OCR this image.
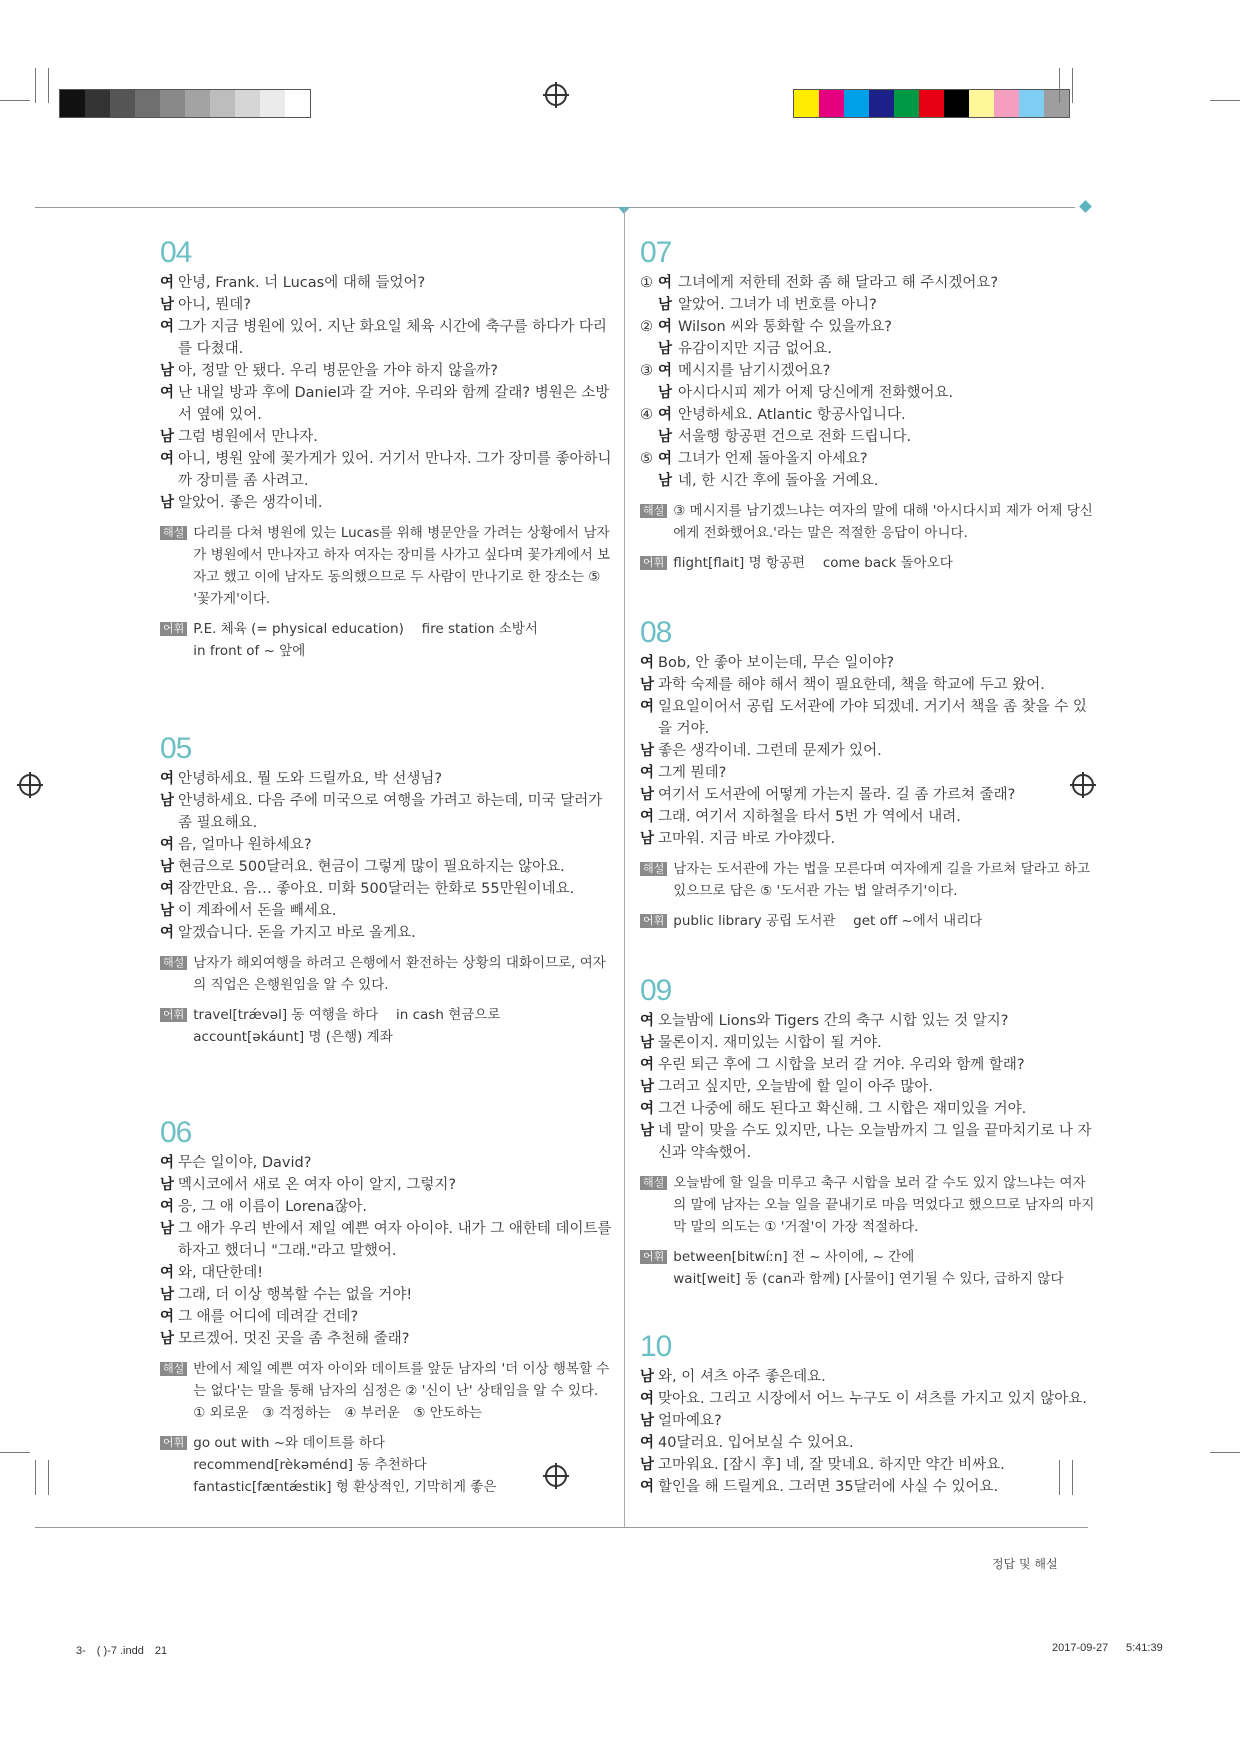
04
여 안녕, Frank. 너 Lucas에 대해 들었어?
남 아니, 뭔데?
여 그가 지금 병원에 있어. 지난 화요일 체육 시간에 축구를 하다가 다리를 다쳤대.
남 아, 정말 안 됐다. 우리 병문안을 가야 하지 않을까?
여 난 내일 방과 후에 Daniel과 갈 거야. 우리와 함께 갈래? 병원은 소방서 옆에 있어.
남 그럼 병원에서 만나자.
여 아니, 병원 앞에 꽃가게가 있어. 거기서 만나자. 그가 장미를 좋아하니까 장미를 좀 사려고.
남 알았어. 좋은 생각이네.
해설 다리를 다쳐 병원에 있는 Lucas를 위해 병문안을 가려는 상황에서 남자가 병원에서 만나자고 하자 여자는 장미를 사가고 싶다며 꽃가게에서 보자고 했고 이에 남자도 동의했으므로 두 사람이 만나기로 한 장소는 ⑤ '꽃가게'이다.
어휘 P.E. 체육 (= physical education)　 fire station 소방서
in front of ~ 앞에
05
여 안녕하세요. 뭘 도와 드릴까요, 박 선생님?
남 안녕하세요. 다음 주에 미국으로 여행을 가려고 하는데, 미국 달러가 좀 필요해요.
여 음, 얼마나 원하세요?
남 현금으로 500달러요. 현금이 그렇게 많이 필요하지는 않아요.
여 잠깐만요. 음… 좋아요. 미화 500달러는 한화로 55만원이네요.
남 이 계좌에서 돈을 빼세요.
여 알겠습니다. 돈을 가지고 바로 올게요.
해설 남자가 해외여행을 하려고 은행에서 환전하는 상황의 대화이므로, 여자의 직업은 은행원임을 알 수 있다.
어휘 travel[trǽvəl] 동 여행을 하다　 in cash 현금으로
account[əkáunt] 명 (은행) 계좌
06
여 무슨 일이야, David?
남 멕시코에서 새로 온 여자 아이 알지, 그렇지?
여 응, 그 애 이름이 Lorena잖아.
남 그 애가 우리 반에서 제일 예쁜 여자 아이야. 내가 그 애한테 데이트를 하자고 했더니 "그래."라고 말했어.
여 와, 대단한데!
남 그래, 더 이상 행복할 수는 없을 거야!
여 그 애를 어디에 데려갈 건데?
남 모르겠어. 멋진 곳을 좀 추천해 줄래?
해설 반에서 제일 예쁜 여자 아이와 데이트를 앞둔 남자의 '더 이상 행복할 수는 없다'는 말을 통해 남자의 심정은 ② '신이 난' 상태임을 알 수 있다.
① 외로운　③ 걱정하는　④ 부러운　⑤ 안도하는
어휘 go out with ~와 데이트를 하다
recommend[rèkəménd] 동 추천하다
fantastic[fæntǽstik] 형 환상적인, 기막히게 좋은
07
① 여 그녀에게 저한테 전화 좀 해 달라고 해 주시겠어요?
남 알았어. 그녀가 네 번호를 아니?
② 여 Wilson 씨와 통화할 수 있을까요?
남 유감이지만 지금 없어요.
③ 여 메시지를 남기시겠어요?
남 아시다시피 제가 어제 당신에게 전화했어요.
④ 여 안녕하세요. Atlantic 항공사입니다.
남 서울행 항공편 건으로 전화 드립니다.
⑤ 여 그녀가 언제 돌아올지 아세요?
남 네, 한 시간 후에 돌아올 거예요.
해설 ③ 메시지를 남기겠느냐는 여자의 말에 대해 '아시다시피 제가 어제 당신에게 전화했어요.'라는 말은 적절한 응답이 아니다.
어휘 flight[flait] 명 항공편　 come back 돌아오다
08
여 Bob, 안 좋아 보이는데, 무슨 일이야?
남 과학 숙제를 해야 해서 책이 필요한데, 책을 학교에 두고 왔어.
여 일요일이어서 공립 도서관에 가야 되겠네. 거기서 책을 좀 찾을 수 있을 거야.
남 좋은 생각이네. 그런데 문제가 있어.
여 그게 뭔데?
남 여기서 도서관에 어떻게 가는지 몰라. 길 좀 가르쳐 줄래?
여 그래. 여기서 지하철을 타서 5번 가 역에서 내려.
남 고마워. 지금 바로 가야겠다.
해설 남자는 도서관에 가는 법을 모른다며 여자에게 길을 가르쳐 달라고 하고 있으므로 답은 ⑤ '도서관 가는 법 알려주기'이다.
어휘 public library 공립 도서관　 get off ~에서 내리다
09
여 오늘밤에 Lions와 Tigers 간의 축구 시합 있는 것 알지?
남 물론이지. 재미있는 시합이 될 거야.
여 우린 퇴근 후에 그 시합을 보러 갈 거야. 우리와 함께 할래?
남 그러고 싶지만, 오늘밤에 할 일이 아주 많아.
여 그건 나중에 해도 된다고 확신해. 그 시합은 재미있을 거야.
남 네 말이 맞을 수도 있지만, 나는 오늘밤까지 그 일을 끝마치기로 나 자신과 약속했어.
해설 오늘밤에 할 일을 미루고 축구 시합을 보러 갈 수도 있지 않느냐는 여자의 말에 남자는 오늘 일을 끝내기로 마음 먹었다고 했으므로 남자의 마지막 말의 의도는 ① '거절'이 가장 적절하다.
어휘 between[bitwíːn] 전 ~ 사이에, ~ 간에
wait[weit] 동 (can과 함께) [사물이] 연기될 수 있다, 급하지 않다
10
남 와, 이 셔츠 아주 좋은데요.
여 맞아요. 그리고 시장에서 어느 누구도 이 셔츠를 가지고 있지 않아요.
남 얼마예요?
여 40달러요. 입어보실 수 있어요.
남 고마워요. [잠시 후] 네, 잘 맞네요. 하지만 약간 비싸요.
여 할인을 해 드릴게요. 그러면 35달러에 사실 수 있어요.
정답 및 해설
3-　( )-7 .indd　21	2017-09-27 5:41:39
